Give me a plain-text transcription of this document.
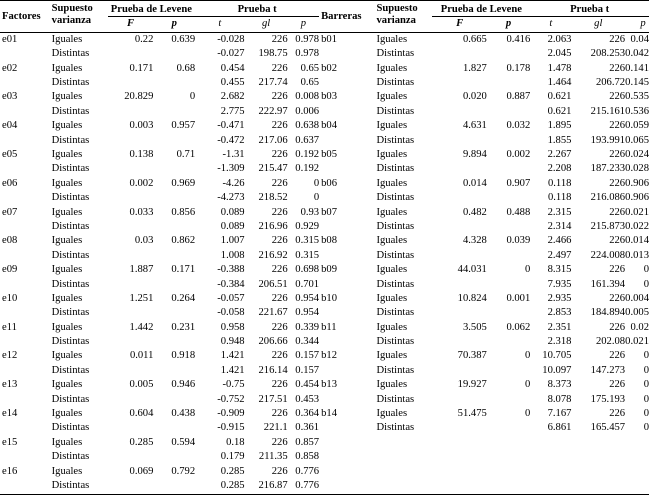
Factores	Supuesto
varianza	Prueba de Levene		Prueba t			Barreras	Supuesto
varianza	Prueba de Levene		Prueba t		
		F	p	t	gl	p			F	p	t	gl	p
e01	Iguales	0.22	0.639	-0.028	226	0.978	b01	Iguales	0.665	0.416	2.063	226	0.04
	Distintas			-0.027	198.75	0.978		Distintas			2.045	208.253	0.042
e02	Iguales	0.171	0.68	0.454	226	0.65	b02	Iguales	1.827	0.178	1.478	226	0.141
	Distintas			0.455	217.74	0.65		Distintas			1.464	206.72	0.145
e03	Iguales	20.829	0	2.682	226	0.008	b03	Iguales	0.020	0.887	0.621	226	0.535
	Distintas			2.775	222.97	0.006		Distintas			0.621	215.161	0.536
e04	Iguales	0.003	0.957	-0.471	226	0.638	b04	Iguales	4.631	0.032	1.895	226	0.059
	Distintas			-0.472	217.06	0.637		Distintas			1.855	193.991	0.065
e05	Iguales	0.138	0.71	-1.31	226	0.192	b05	Iguales	9.894	0.002	2.267	226	0.024
	Distintas			-1.309	215.47	0.192		Distintas			2.208	187.233	0.028
e06	Iguales	0.002	0.969	-4.26	226	0	b06	Iguales	0.014	0.907	0.118	226	0.906
	Distintas			-4.273	218.52	0		Distintas			0.118	216.086	0.906
e07	Iguales	0.033	0.856	0.089	226	0.93	b07	Iguales	0.482	0.488	2.315	226	0.021
	Distintas			0.089	216.96	0.929		Distintas			2.314	215.873	0.022
e08	Iguales	0.03	0.862	1.007	226	0.315	b08	Iguales	4.328	0.039	2.466	226	0.014
	Distintas			1.008	216.92	0.315		Distintas			2.497	224.008	0.013
e09	Iguales	1.887	0.171	-0.388	226	0.698	b09	Iguales	44.031	0	8.315	226	0
	Distintas			-0.384	206.51	0.701		Distintas			7.935	161.394	0
e10	Iguales	1.251	0.264	-0.057	226	0.954	b10	Iguales	10.824	0.001	2.935	226	0.004
	Distintas			-0.058	221.67	0.954		Distintas			2.853	184.894	0.005
e11	Iguales	1.442	0.231	0.958	226	0.339	b11	Iguales	3.505	0.062	2.351	226	0.02
	Distintas			0.948	206.66	0.344		Distintas			2.318	202.08	0.021
e12	Iguales	0.011	0.918	1.421	226	0.157	b12	Iguales	70.387	0	10.705	226	0
	Distintas			1.421	216.14	0.157		Distintas			10.097	147.273	0
e13	Iguales	0.005	0.946	-0.75	226	0.454	b13	Iguales	19.927	0	8.373	226	0
	Distintas			-0.752	217.51	0.453		Distintas			8.078	175.193	0
e14	Iguales	0.604	0.438	-0.909	226	0.364	b14	Iguales	51.475	0	7.167	226	0
	Distintas			-0.915	221.1	0.361		Distintas			6.861	165.457	0
e15	Iguales	0.285	0.594	0.18	226	0.857							
	Distintas			0.179	211.35	0.858							
e16	Iguales	0.069	0.792	0.285	226	0.776							
	Distintas			0.285	216.87	0.776							
